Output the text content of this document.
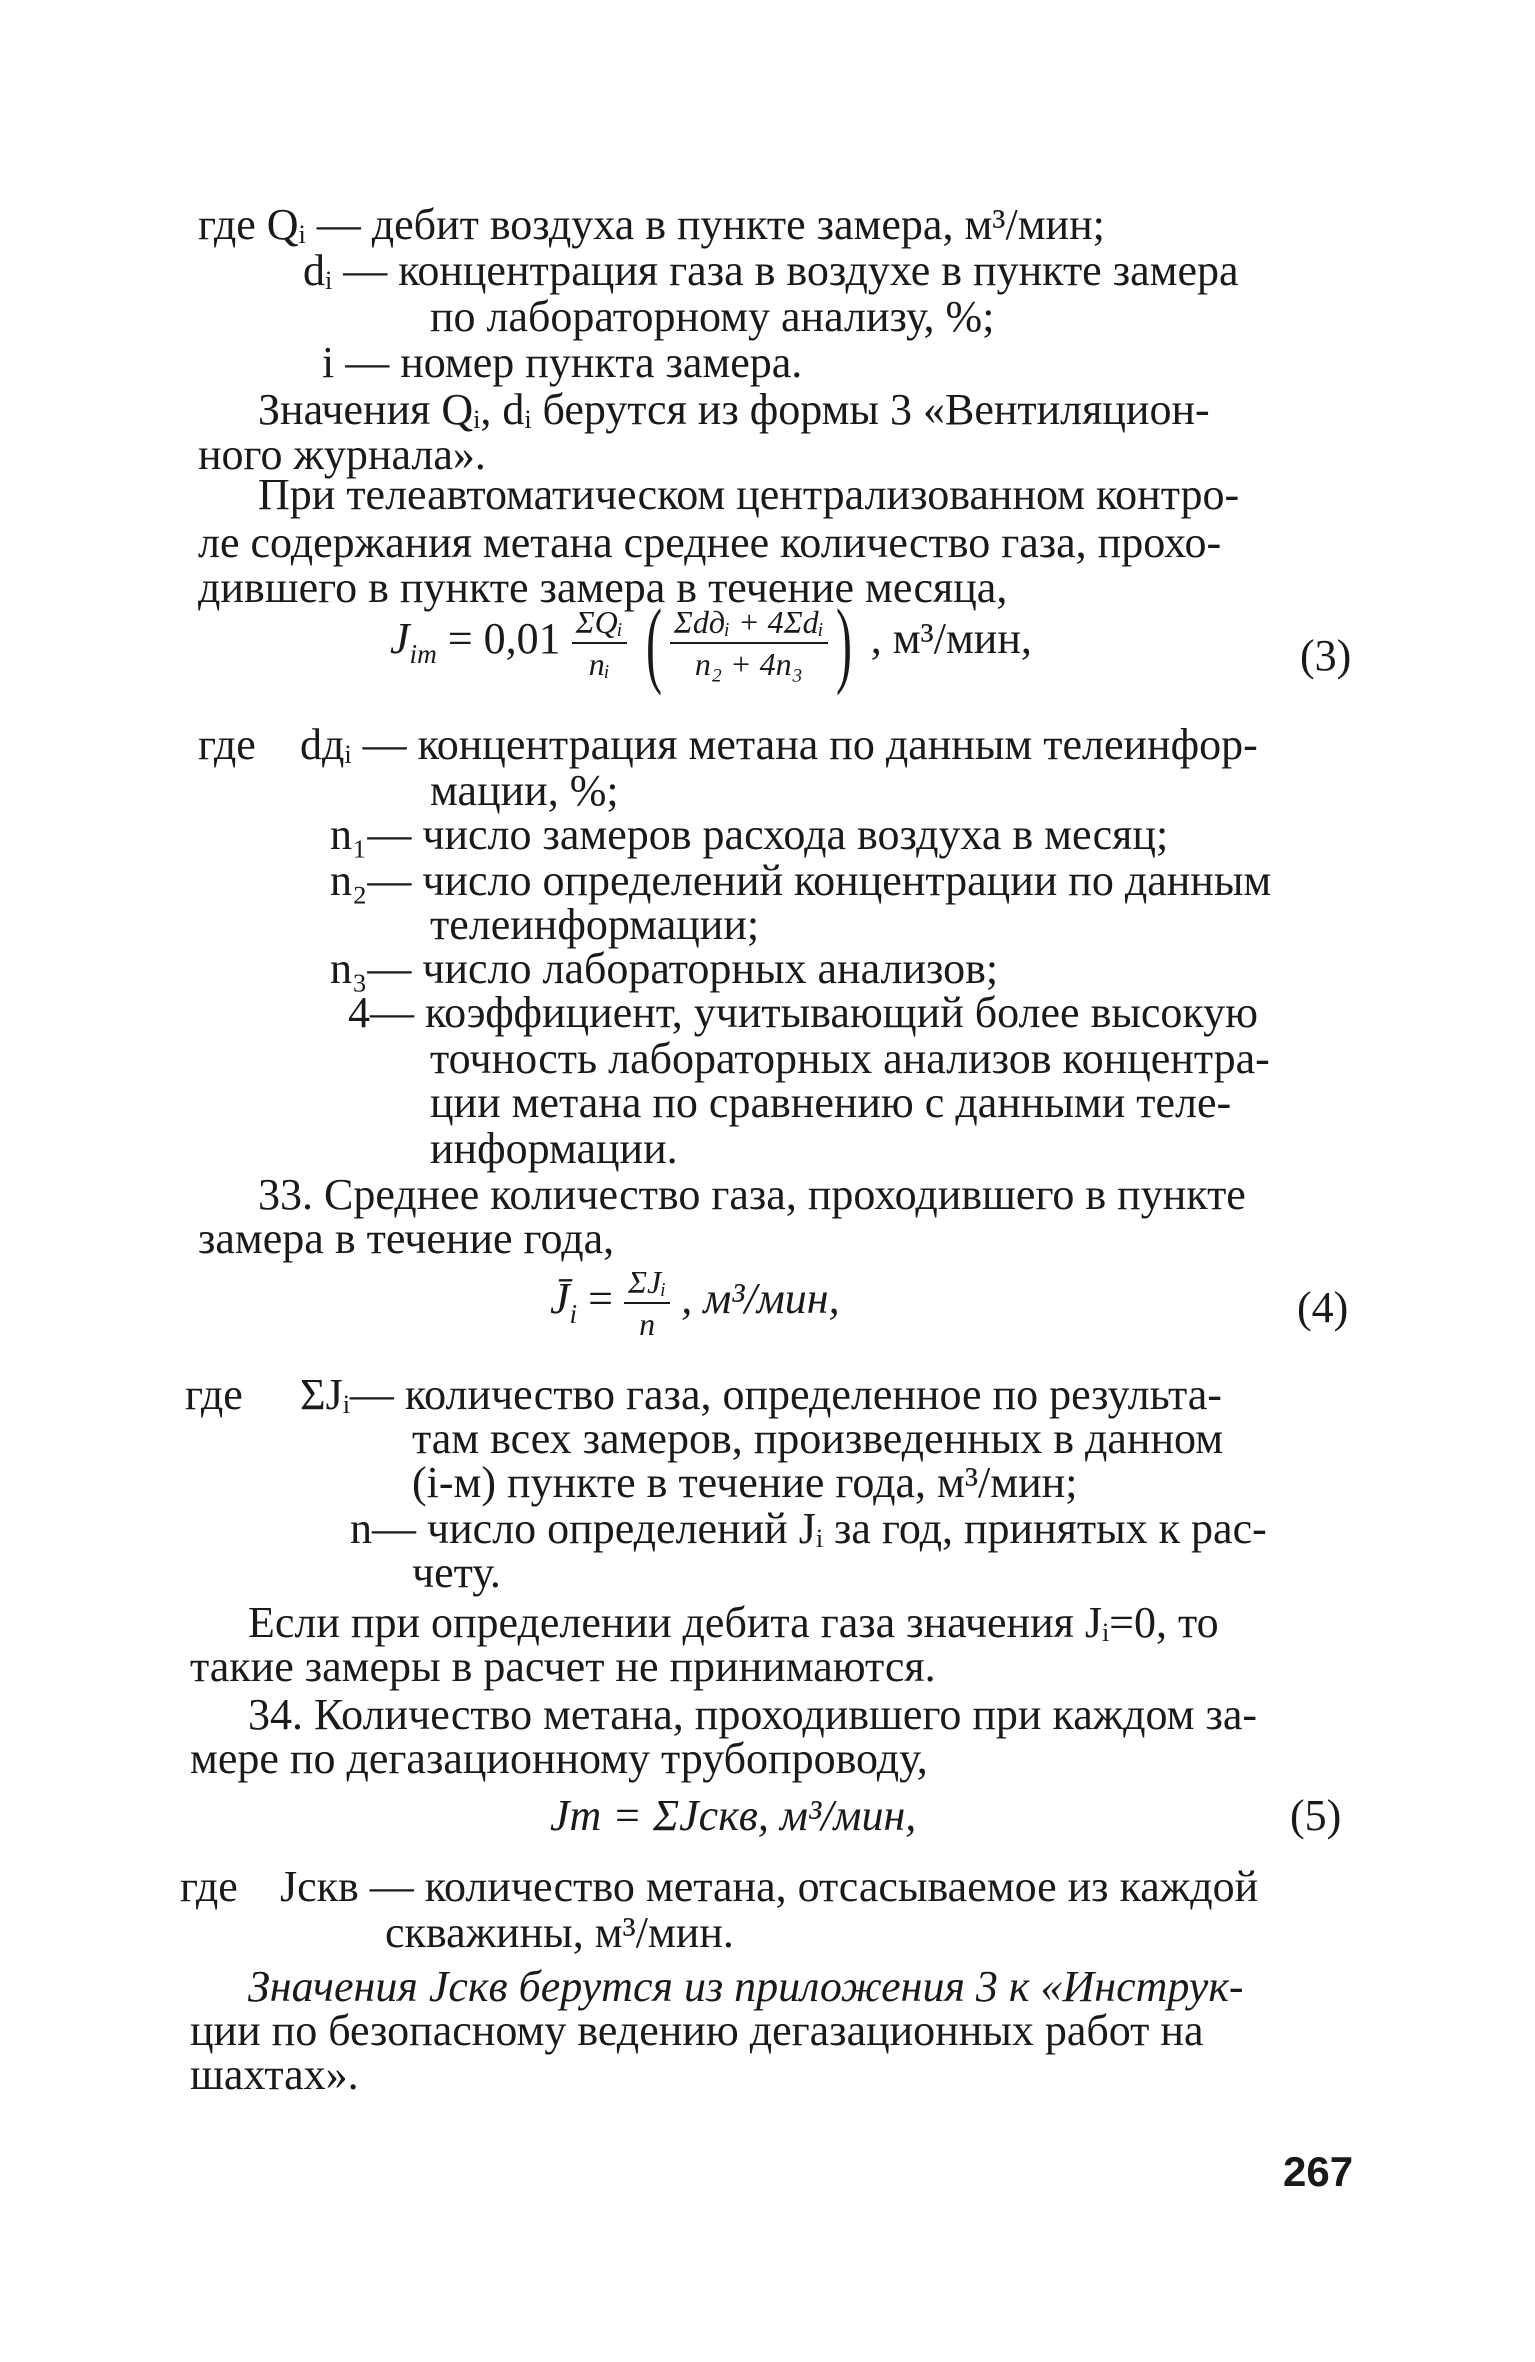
где Qᵢ — дебит воздуха в пункте замера, м³/мин;
dᵢ — концентрация газа в воздухе в пункте замера
по лабораторному анализу, %;
i — номер пункта замера.
Значения Qᵢ, dᵢ берутся из формы 3 «Вентиляцион-
ного журнала».
При телеавтоматическом централизованном контро-
ле содержания метана среднее количество газа, прохо-
дившего в пункте замера в течение месяца,
$J_{im} = 0,01 \frac{\text{ΣQᵢ}}{\text{nᵢ}}$ ( $\frac{\text{Σdдᵢ + 4Σdᵢ}}{\text{n₂ + 4n₃}}$ ) , м³/мин,	(3)
где dдᵢ — концентрация метана по данным телеинфор-
мации, %;
n₁— число замеров расхода воздуха в месяц;
n₂— число определений концентрации по данным
телеинформации;
n₃— число лабораторных анализов;
4— коэффициент, учитывающий более высокую
точность лабораторных анализов концентра-
ции метана по сравнению с данными теле-
информации.
33. Среднее количество газа, проходившего в пункте
замера в течение года,
$J̄_i = \frac{\text{ΣJᵢ}}{n}$ , м³/мин,	(4)
где ΣJᵢ— количество газа, определенное по результа-
там всех замеров, произведенных в данном
(i-м) пункте в течение года, м³/мин;
n— число определений Jᵢ за год, принятых к рас-
чету.
Если при определении дебита газа значения Jᵢ=0, то
такие замеры в расчет не принимаются.
34. Количество метана, проходившего при каждом за-
мере по дегазационному трубопроводу,
Jт = ΣJскв, м³/мин,	(5)
где Jскв — количество метана, отсасываемое из каждой
скважины, м³/мин.
Значения Jскв берутся из приложения 3 к «Инструк-
ции по безопасному ведению дегазационных работ на
шахтах».
267
